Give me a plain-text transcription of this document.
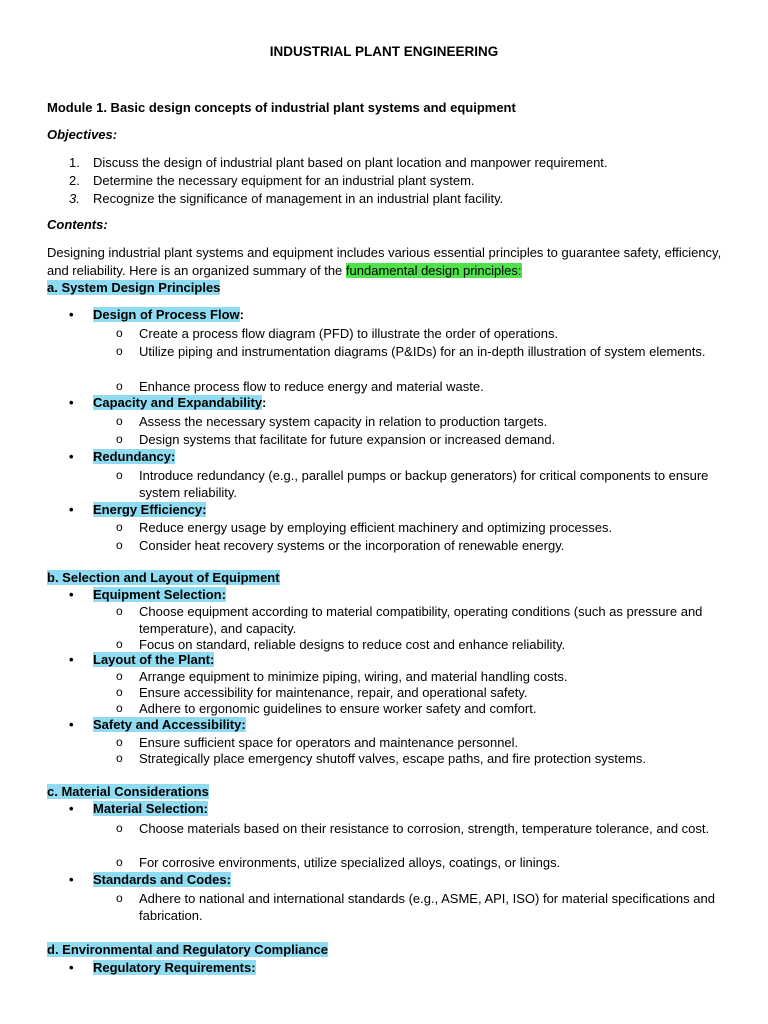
INDUSTRIAL PLANT ENGINEERING

Module 1. Basic design concepts of industrial plant systems and equipment

Objectives:

1. Discuss the design of industrial plant based on plant location and manpower requirement.
2. Determine the necessary equipment for an industrial plant system.
3. Recognize the significance of management in an industrial plant facility.

Contents:

Designing industrial plant systems and equipment includes various essential principles to guarantee safety, efficiency, and reliability. Here is an organized summary of the fundamental design principles:

a. System Design Principles

• Design of Process Flow:
o Create a process flow diagram (PFD) to illustrate the order of operations.
o Utilize piping and instrumentation diagrams (P&IDs) for an in-depth illustration of system elements.
o Enhance process flow to reduce energy and material waste.
• Capacity and Expandability:
o Assess the necessary system capacity in relation to production targets.
o Design systems that facilitate for future expansion or increased demand.
• Redundancy:
o Introduce redundancy (e.g., parallel pumps or backup generators) for critical components to ensure system reliability.
• Energy Efficiency:
o Reduce energy usage by employing efficient machinery and optimizing processes.
o Consider heat recovery systems or the incorporation of renewable energy.

b. Selection and Layout of Equipment

• Equipment Selection:
o Choose equipment according to material compatibility, operating conditions (such as pressure and temperature), and capacity.
o Focus on standard, reliable designs to reduce cost and enhance reliability.
• Layout of the Plant:
o Arrange equipment to minimize piping, wiring, and material handling costs.
o Ensure accessibility for maintenance, repair, and operational safety.
o Adhere to ergonomic guidelines to ensure worker safety and comfort.
• Safety and Accessibility:
o Ensure sufficient space for operators and maintenance personnel.
o Strategically place emergency shutoff valves, escape paths, and fire protection systems.

c. Material Considerations

• Material Selection:
o Choose materials based on their resistance to corrosion, strength, temperature tolerance, and cost.
o For corrosive environments, utilize specialized alloys, coatings, or linings.
• Standards and Codes:
o Adhere to national and international standards (e.g., ASME, API, ISO) for material specifications and fabrication.

d. Environmental and Regulatory Compliance

• Regulatory Requirements:
